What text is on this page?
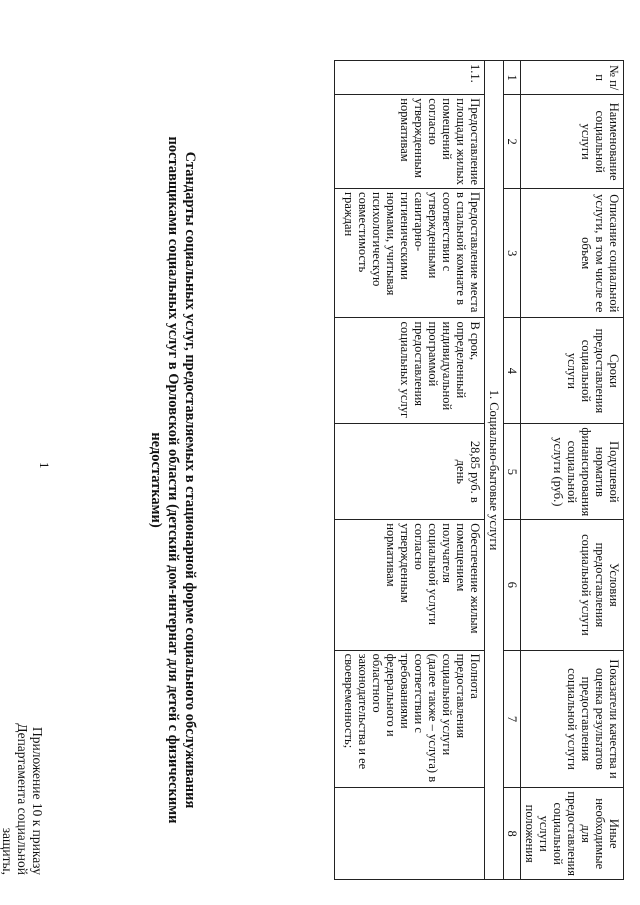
1
Приложение 10 к приказу
Департамента социальной защиты,
Стандарты социальных услуг, предоставляемых в стационарной форме социального обслуживания поставщиками социальных услуг в Орловской области (детский дом-интернат для детей с физическими недостатками)
№ п/п	Наименование социальной услуги	Описание социальной услуги, в том числе ее объем	Сроки предоставления социальной услуги	Подушевой норматив финансирования социальной услуги (руб.)	Условия предоставления социальной услуги	Показатели качества и оценка результатов предоставления социальной услуги	Иные необходимые для предоставления социальной услуги положения
1	2	3	4	5	6	7	8
1. Социально-бытовые услуги							
1.1.	Предоставление площади жилых помещений согласно утвержденным нормативам	Предоставление места в спальной комнате в соответствии с утвержденными санитарно-гигиеническими нормами, учитывая психологическую совместимость граждан	В срок, определенный индивидуальной программой предоставления социальных услуг	28,85 руб. в день	Обеспечение жилым помещением получателя социальной услуги согласно утвержденным нормативам	Полнота предоставления социальной услуги (далее также – услуга) в соответствии с требованиями федерального и областного законодательства и ее своевременность;	
